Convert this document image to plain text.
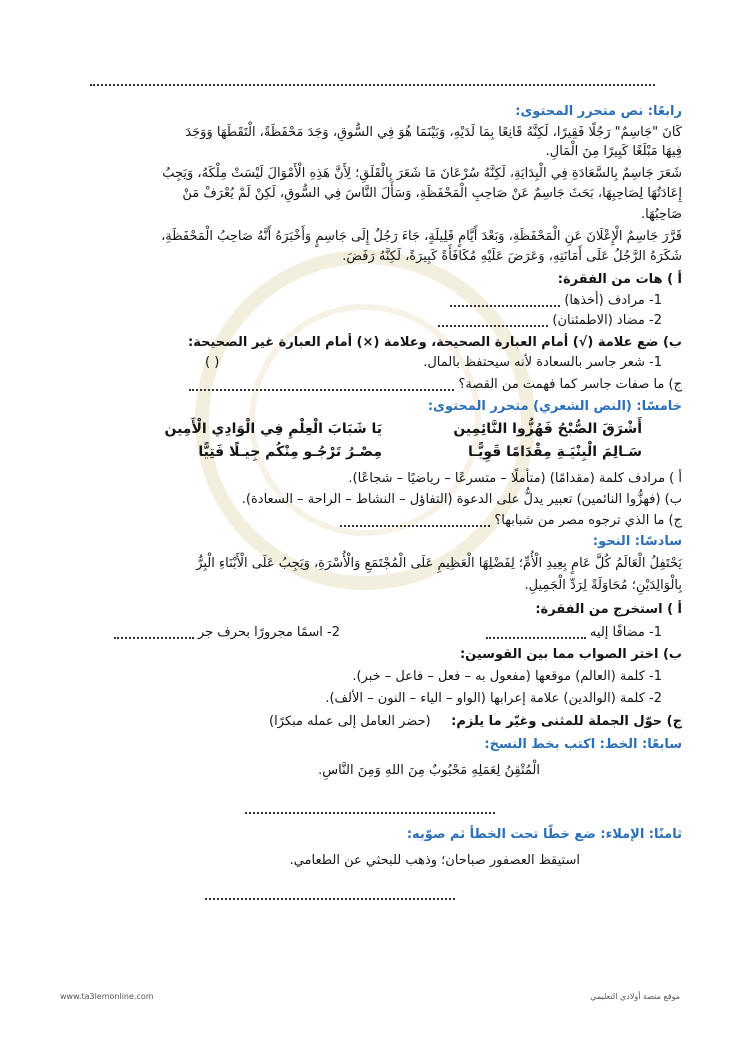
رابعًا: نص متحرر المحتوى:
كَانَ "جَاسِمٌ" رَجُلًا فَقِيرًا، لَكِنَّهُ قَانِعًا بِمَا لَدَيْهِ، وَبَيْنَمَا هُوَ فِي السُّوقِ، وَجَدَ مَحْفَظَةً، الْتَقَطَهَا وَوَجَدَ
فِيهَا مَبْلَغًا كَبِيرًا مِنَ الْمَالِ.
شَعَرَ جَاسِمٌ بِالسَّعَادَةِ فِي الْبِدَايَةِ، لَكِنَّهُ سُرْعَانَ مَا شَعَرَ بِالْقَلَقِ؛ لِأَنَّ هَذِهِ الْأَمْوَالَ لَيْسَتْ مِلْكَهُ، وَيَجِبُ
إِعَادَتُهَا لِصَاحِبِهَا، بَحَثَ جَاسِمٌ عَنْ صَاحِبِ الْمَحْفَظَةِ، وَسَأَلَ النَّاسَ فِي السُّوقِ، لَكِنْ لَمْ يُعْرَفْ مَنْ
صَاحِبُهَا.
قَرَّرَ جَاسِمٌ الْإِعْلَانَ عَنِ الْمَحْفَظَةِ، وَبَعْدَ أَيَّامٍ قَلِيلَةٍ، جَاءَ رَجُلٌ إِلَى جَاسِمٍ وَأَخْبَرَهُ أَنَّهُ صَاحِبُ الْمَحْفَظَةِ،
شَكَرَهُ الرَّجُلُ عَلَى أَمَانَتِهِ، وَعَرَضَ عَلَيْهِ مُكَافَأَةً كَبِيرَةً، لَكِنَّهُ رَفَضَ.
أ ) هات من الفقرة:
1- مرادف (أخذها)
2- مضاد (الاطمئنان)
ب) ضع علامة (√) أمام العبارة الصحيحة، وعلامة (×) أمام العبارة غير الصحيحة:
1- شعر جاسر بالسعادة لأنه سيحتفظ بالمال.
( )
ج) ما صفات جاسر كما فهمت من القصة؟
خامسًا: (النص الشعري) متحرر المحتوى:
يَا شَبَابَ الْعِلْمِ فِي الْوَادِي الْأَمِين	أَشْرَقَ الصُّبْحُ فَهُزُّوا النَّائِمِين
مِصْـرُ تَرْجُـو مِنْكُم جِيـلًا فَتِيًّا	سَـالِمَ الْبِنْيَـةِ مِقْدَامًا قَوِيًّـا
أ ) مرادف كلمة (مقدامًا) (متأملًا – متسرعًا – رياضيًا – شجاعًا).
ب) (فهزُّوا النائمين) تعبير يدلُّ على الدعوة (التفاؤل – النشاط – الراحة – السعادة).
ج) ما الذي ترجوه مصر من شبابها؟
سادسًا: النحو:
يَحْتَفِلُ الْعَالَمُ كُلَّ عَامٍ بِعِيدِ الْأُمِّ؛ لِفَضْلِهَا الْعَظِيمِ عَلَى الْمُجْتَمَعِ وَالْأُسْرَةِ، وَيَجِبُ عَلَى الْأَبْنَاءِ الْبِرُّ
بِالْوَالِدَيْنِ؛ مُحَاوَلَةً لِرَدِّ الْجَمِيلِ.
أ ) استخرج من الفقرة:
1- مضافًا إليه
2- اسمًا مجرورًا بحرف جر
ب) اختر الصواب مما بين القوسين:
1- كلمة (العالم) موقعها (مفعول به – فعل – فاعل – خبر).
2- كلمة (الوالدين) علامة إعرابها (الواو – الياء – النون – الألف).
ج) حوّل الجملة للمثنى وغيّر ما يلزم: (حضر العامل إلى عمله مبكرًا)
سابعًا: الخط: اكتب بخط النسخ:
الْمُتْقِنُ لِعَمَلِهِ مَحْبُوبٌ مِنَ اللهِ وَمِنَ النَّاسِ.
ثامنًا: الإملاء: ضع خطًا تحت الخطأ ثم صوّبه:
استيقظ العصفور صباحان؛ وذهب للبحثي عن الطعامي.
www.ta3lemonline.com	موقع منصة أولادي التعليمي
